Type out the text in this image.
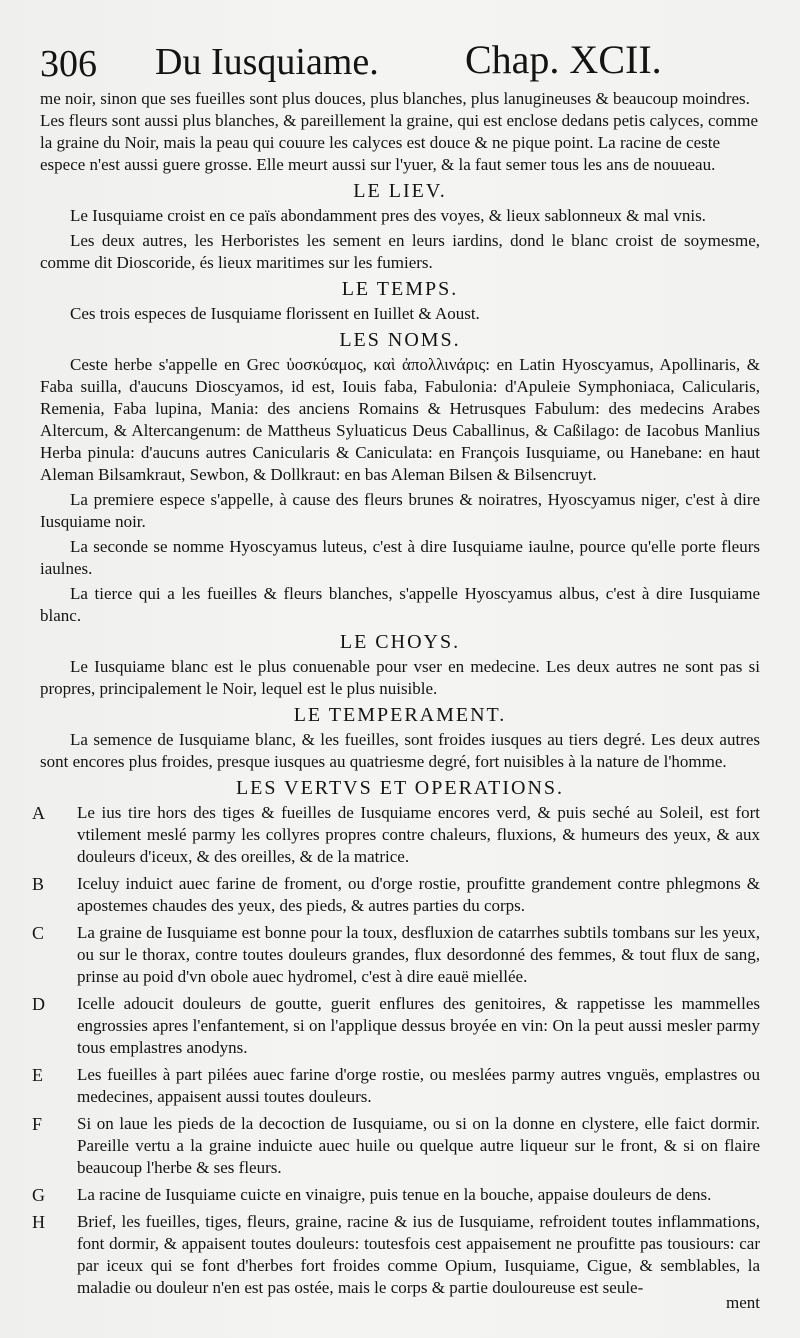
306 Du Iusquiame. Chap. XCII.

me noir, sinon que ses fueilles sont plus douces, plus blanches, plus lanugineuses & beaucoup moindres. Les fleurs sont aussi plus blanches, & pareillement la graine, qui est enclose dedans petis calyces, comme la graine du Noir, mais la peau qui couure les calyces est douce & ne pique point. La racine de ceste espece n'est aussi guere grosse. Elle meurt aussi sur l'yuer, & la faut semer tous les ans de nouueau.

LE LIEV.

Le Iusquiame croist en ce païs abondamment pres des voyes, & lieux sablonneux & mal vnis.

Les deux autres, les Herboristes les sement en leurs iardins, dond le blanc croist de soymesme, comme dit Dioscoride, és lieux maritimes sur les fumiers.

LE TEMPS.

Ces trois especes de Iusquiame florissent en Iuillet & Aoust.

LES NOMS.

Ceste herbe s'appelle en Grec ὑοσκύαμος, καὶ ἀπολλινάρις: en Latin Hyoscyamus, Apollinaris, & Faba suilla, d'aucuns Dioscyamos, id est, Iouis faba, Fabulonia: d'Apuleie Symphoniaca, Calicularis, Remenia, Faba lupina, Mania: des anciens Romains & Hetrusques Fabulum: des medecins Arabes Altercum, & Altercangenum: de Mattheus Syluaticus Deus Caballinus, & Caßilago: de Iacobus Manlius Herba pinula: d'aucuns autres Canicularis & Caniculata: en François Iusquiame, ou Hanebane: en haut Aleman Bilsamkraut, Sewbon, & Dollkraut: en bas Aleman Bilsen & Bilsencruyt.

La premiere espece s'appelle, à cause des fleurs brunes & noiratres, Hyoscyamus niger, c'est à dire Iusquiame noir.

La seconde se nomme Hyoscyamus luteus, c'est à dire Iusquiame iaulne, pource qu'elle porte fleurs iaulnes.

La tierce qui a les fueilles & fleurs blanches, s'appelle Hyoscyamus albus, c'est à dire Iusquiame blanc.

LE CHOYS.

Le Iusquiame blanc est le plus conuenable pour vser en medecine. Les deux autres ne sont pas si propres, principalement le Noir, lequel est le plus nuisible.

LE TEMPERAMENT.

La semence de Iusquiame blanc, & les fueilles, sont froides iusques au tiers degré. Les deux autres sont encores plus froides, presque iusques au quatriesme degré, fort nuisibles à la nature de l'homme.

LES VERTVS ET OPERATIONS.
A Le ius tire hors des tiges & fueilles de Iusquiame encores verd, & puis seché au Soleil, est fort vtilement meslé parmy les collyres propres contre chaleurs, fluxions, & humeurs des yeux, & aux douleurs d'iceux, & des oreilles, & de la matrice.
B Iceluy induict auec farine de froment, ou d'orge rostie, proufitte grandement contre phlegmons & apostemes chaudes des yeux, des pieds, & autres parties du corps.
C La graine de Iusquiame est bonne pour la toux, desfluxion de catarrhes subtils tombans sur les yeux, ou sur le thorax, contre toutes douleurs grandes, flux desordonné des femmes, & tout flux de sang, prinse au poid d'vn obole auec hydromel, c'est à dire eauë miellée.
D Icelle adoucit douleurs de goutte, guerit enflures des genitoires, & rappetisse les mammelles engrossies apres l'enfantement, si on l'applique dessus broyée en vin: On la peut aussi mesler parmy tous emplastres anodyns.
E Les fueilles à part pilées auec farine d'orge rostie, ou meslées parmy autres vnguës, emplastres ou medecines, appaisent aussi toutes douleurs.
F Si on laue les pieds de la decoction de Iusquiame, ou si on la donne en clystere, elle faict dormir. Pareille vertu a la graine induicte auec huile ou quelque autre liqueur sur le front, & si on flaire beaucoup l'herbe & ses fleurs.
G La racine de Iusquiame cuicte en vinaigre, puis tenue en la bouche, appaise douleurs de dens.
H Brief, les fueilles, tiges, fleurs, graine, racine & ius de Iusquiame, refroident toutes inflammations, font dormir, & appaisent toutes douleurs: toutesfois cest appaisement ne proufitte pas tousiours: car par iceux qui se font d'herbes fort froides comme Opium, Iusquiame, Cigue, & semblables, la maladie ou douleur n'en est pas ostée, mais le corps & partie douloureuse est seule-
ment
